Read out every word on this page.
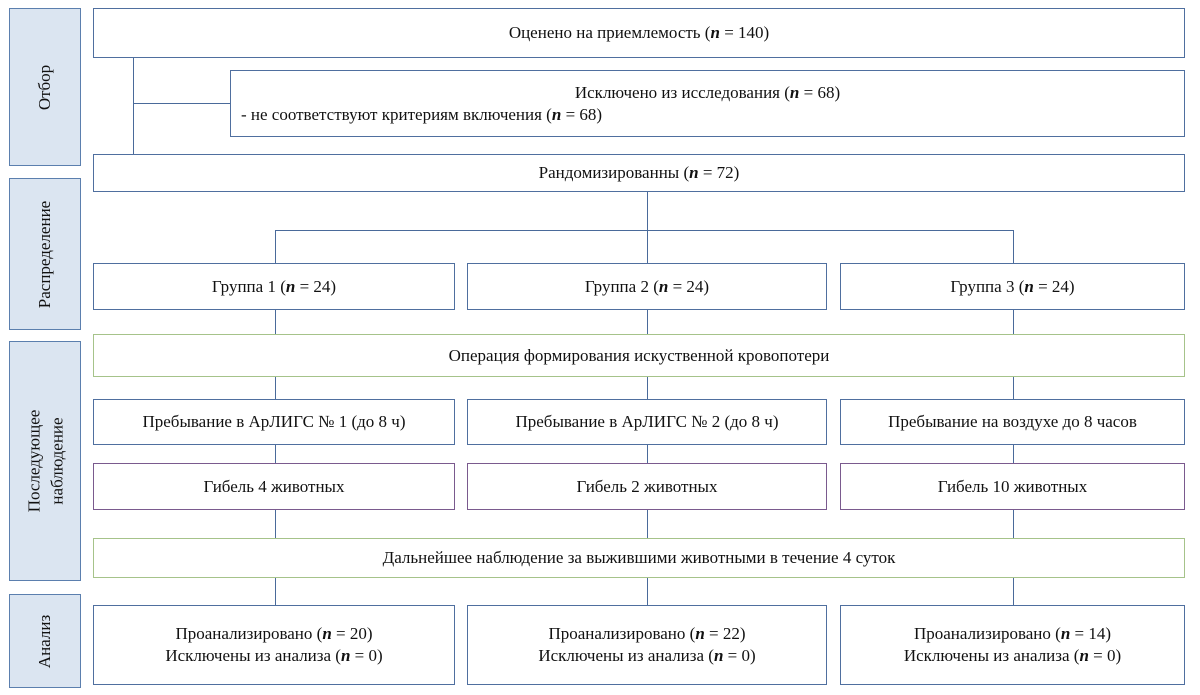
Отбор
Распределение
Последующее наблюдение
Анализ
Оценено на приемлемость (n = 140)
Исключено из исследования (n = 68)
- не соответствуют критериям включения (n = 68)
Рандомизированны (n = 72)
Группа 1 (n = 24)	Группа 2 (n = 24)	Группа 3 (n = 24)
Операция формирования искуственной кровопотери
Пребывание в АрЛИГС № 1 (до 8 ч)	Пребывание в АрЛИГС № 2 (до 8 ч)	Пребывание на воздухе до 8 часов
Гибель 4 животных	Гибель 2 животных	Гибель 10 животных
Дальнейшее наблюдение за выжившими животными в течение 4 суток
Проанализировано (n = 20)
Исключены из анализа (n = 0)
Проанализировано (n = 22)
Исключены из анализа (n = 0)
Проанализировано (n = 14)
Исключены из анализа (n = 0)
